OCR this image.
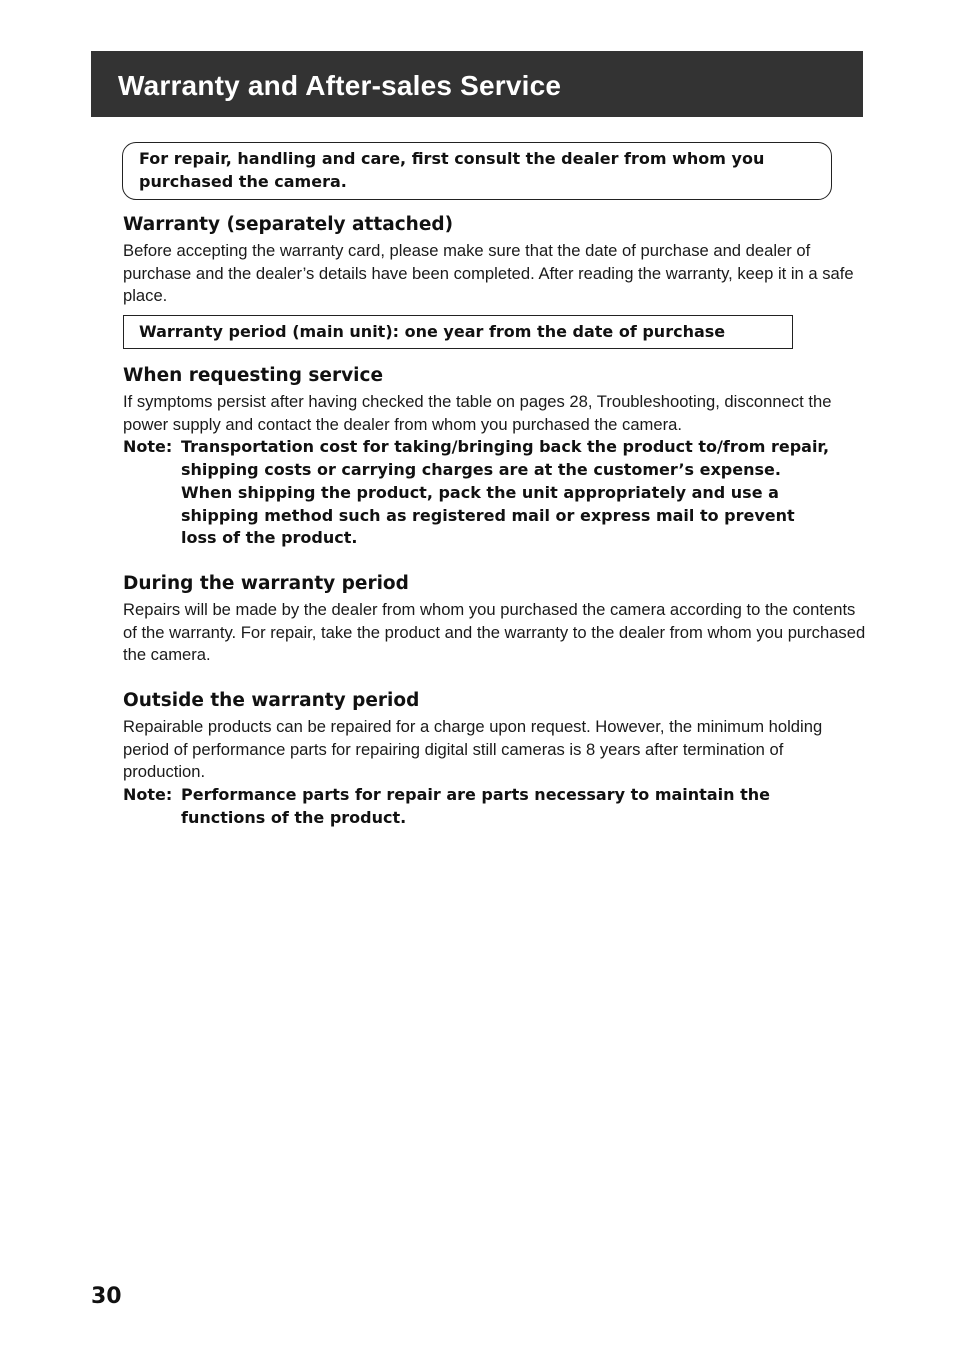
Warranty and After-sales Service
For repair, handling and care, first consult the dealer from whom you purchased the camera.
Warranty (separately attached)

Before accepting the warranty card, please make sure that the date of purchase and dealer of purchase and the dealer’s details have been completed. After reading the warranty, keep it in a safe place.

Warranty period (main unit): one year from the date of purchase
When requesting service

If symptoms persist after having checked the table on pages 28, Troubleshooting, disconnect the power supply and contact the dealer from whom you purchased the camera.

Note: Transportation cost for taking/bringing back the product to/from repair, shipping costs or carrying charges are at the customer’s expense. When shipping the product, pack the unit appropriately and use a shipping method such as registered mail or express mail to prevent loss of the product.
During the warranty period

Repairs will be made by the dealer from whom you purchased the camera according to the contents of the warranty. For repair, take the product and the warranty to the dealer from whom you purchased the camera.

Outside the warranty period

Repairable products can be repaired for a charge upon request. However, the minimum holding period of performance parts for repairing digital still cameras is 8 years after termination of production.

Note: Performance parts for repair are parts necessary to maintain the functions of the product.
30
